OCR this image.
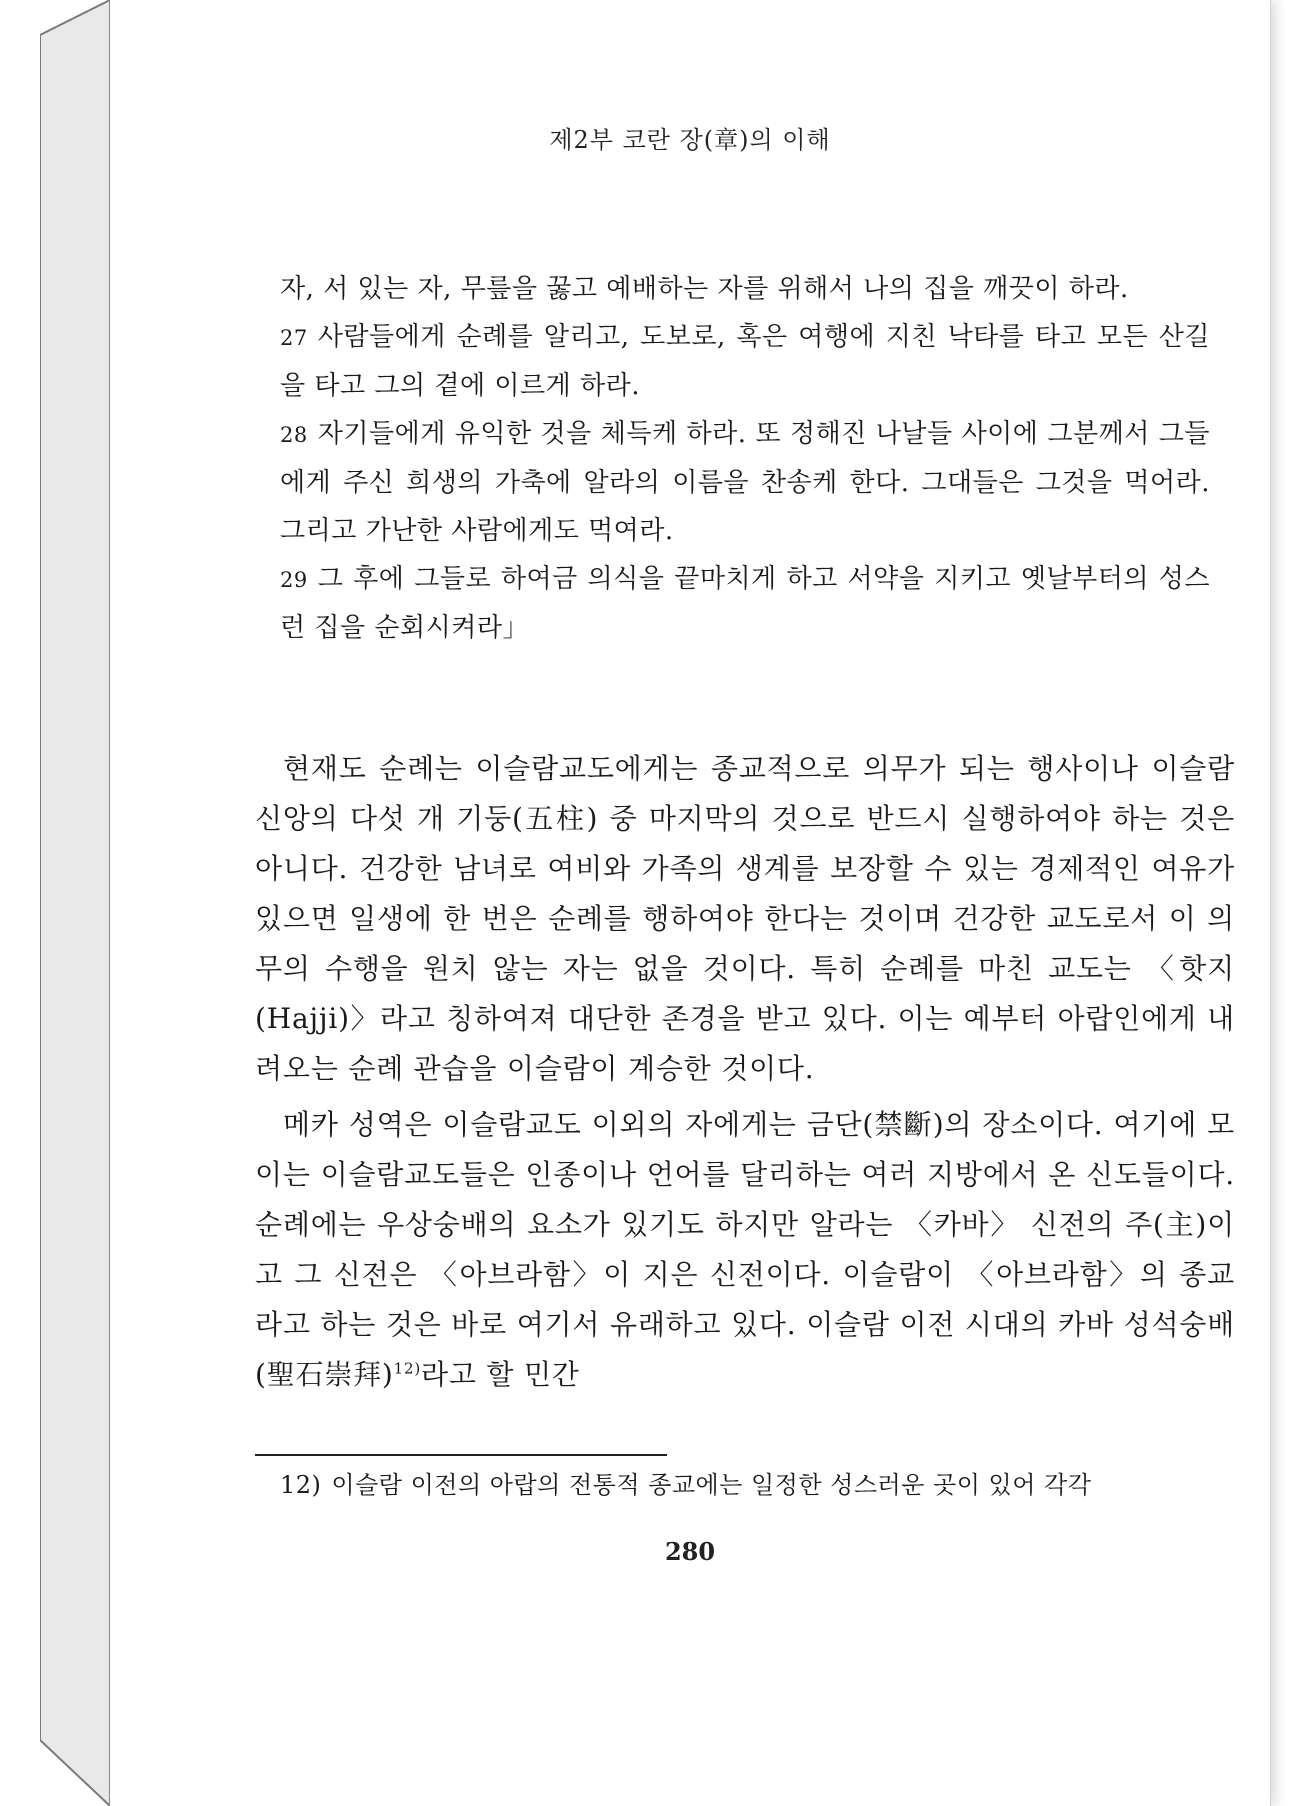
제2부 코란 장(章)의 이해

자, 서 있는 자, 무릎을 꿇고 예배하는 자를 위해서 나의 집을 깨끗이 하라.

27 사람들에게 순례를 알리고, 도보로, 혹은 여행에 지친 낙타를 타고 모든 산길을 타고 그의 곁에 이르게 하라.

28 자기들에게 유익한 것을 체득케 하라. 또 정해진 나날들 사이에 그분께서 그들에게 주신 희생의 가축에 알라의 이름을 찬송케 한다. 그대들은 그것을 먹어라. 그리고 가난한 사람에게도 먹여라.

29 그 후에 그들로 하여금 의식을 끝마치게 하고 서약을 지키고 옛날부터의 성스런 집을 순회시켜라」

현재도 순례는 이슬람교도에게는 종교적으로 의무가 되는 행사이나 이슬람 신앙의 다섯 개 기둥(五柱) 중 마지막의 것으로 반드시 실행하여야 하는 것은 아니다. 건강한 남녀로 여비와 가족의 생계를 보장할 수 있는 경제적인 여유가 있으면 일생에 한 번은 순례를 행하여야 한다는 것이며 건강한 교도로서 이 의무의 수행을 원치 않는 자는 없을 것이다. 특히 순례를 마친 교도는 〈핫지(Hajji)〉라고 칭하여져 대단한 존경을 받고 있다. 이는 예부터 아랍인에게 내려오는 순례 관습을 이슬람이 계승한 것이다.

메카 성역은 이슬람교도 이외의 자에게는 금단(禁斷)의 장소이다. 여기에 모이는 이슬람교도들은 인종이나 언어를 달리하는 여러 지방에서 온 신도들이다. 순례에는 우상숭배의 요소가 있기도 하지만 알라는 〈카바〉 신전의 주(主)이고 그 신전은 〈아브라함〉이 지은 신전이다. 이슬람이 〈아브라함〉의 종교라고 하는 것은 바로 여기서 유래하고 있다. 이슬람 이전 시대의 카바 성석숭배(聖石崇拜)$^{12)}$라고 할 민간

12) 이슬람 이전의 아랍의 전통적 종교에는 일정한 성스러운 곳이 있어 각각
280
